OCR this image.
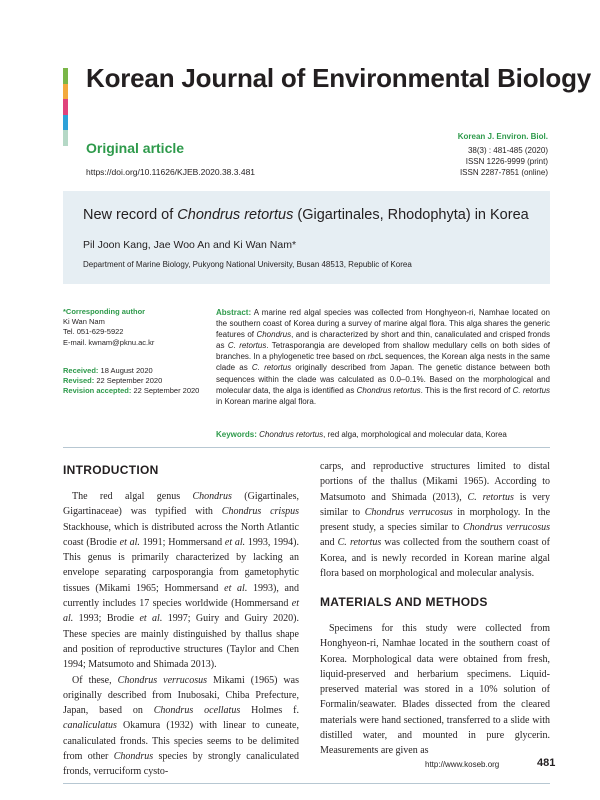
Korean Journal of Environmental Biology
Original article
https://doi.org/10.11626/KJEB.2020.38.3.481
Korean J. Environ. Biol.
38(3) : 481-485 (2020)
ISSN 1226-9999 (print)
ISSN 2287-7851 (online)
New record of Chondrus retortus (Gigartinales, Rhodophyta) in Korea
Pil Joon Kang, Jae Woo An and Ki Wan Nam*
Department of Marine Biology, Pukyong National University, Busan 48513, Republic of Korea
*Corresponding author
Ki Wan Nam
Tel. 051-629-5922
E-mail. kwnam@pknu.ac.kr
Received: 18 August 2020
Revised: 22 September 2020
Revision accepted: 22 September 2020
Abstract: A marine red algal species was collected from Honghyeon-ri, Namhae located on the southern coast of Korea during a survey of marine algal flora. This alga shares the generic features of Chondrus, and is characterized by short and thin, canaliculated and crisped fronds as C. retortus. Tetrasporangia are developed from shallow medullary cells on both sides of branches. In a phylogenetic tree based on rbcL sequences, the Korean alga nests in the same clade as C. retortus originally described from Japan. The genetic distance between both sequences within the clade was calculated as 0.0–0.1%. Based on the morphological and molecular data, the alga is identified as Chondrus retortus. This is the first record of C. retortus in Korean marine algal flora.
Keywords: Chondrus retortus, red alga, morphological and molecular data, Korea
INTRODUCTION

The red algal genus Chondrus (Gigartinales, Gigartinaceae) was typified with Chondrus crispus Stackhouse, which is distributed across the North Atlantic coast (Brodie et al. 1991; Hommersand et al. 1993, 1994). This genus is primarily characterized by lacking an envelope separating carposporangia from gametophytic tissues (Mikami 1965; Hommersand et al. 1993), and currently includes 17 species worldwide (Hommersand et al. 1993; Brodie et al. 1997; Guiry and Guiry 2020). These species are mainly distinguished by thallus shape and position of reproductive structures (Taylor and Chen 1994; Matsumoto and Shimada 2013).

Of these, Chondrus verrucosus Mikami (1965) was originally described from Inubosaki, Chiba Prefecture, Japan, based on Chondrus ocellatus Holmes f. canaliculatus Okamura (1932) with linear to cuneate, canaliculated fronds. This species seems to be delimited from other Chondrus species by strongly canaliculated fronds, verruciform cysto-

carps, and reproductive structures limited to distal portions of the thallus (Mikami 1965). According to Matsumoto and Shimada (2013), C. retortus is very similar to Chondrus verrucosus in morphology. In the present study, a species similar to Chondrus verrucosus and C. retortus was collected from the southern coast of Korea, and is newly recorded in Korean marine algal flora based on morphological and molecular analysis.

MATERIALS AND METHODS

Specimens for this study were collected from Honghyeon-ri, Namhae located in the southern coast of Korea. Morphological data were obtained from fresh, liquid-preserved and herbarium specimens. Liquid-preserved material was stored in a 10% solution of Formalin/seawater. Blades dissected from the cleared materials were hand sectioned, transferred to a slide with distilled water, and mounted in pure glycerin. Measurements are given as

http://www.koseb.org	481
